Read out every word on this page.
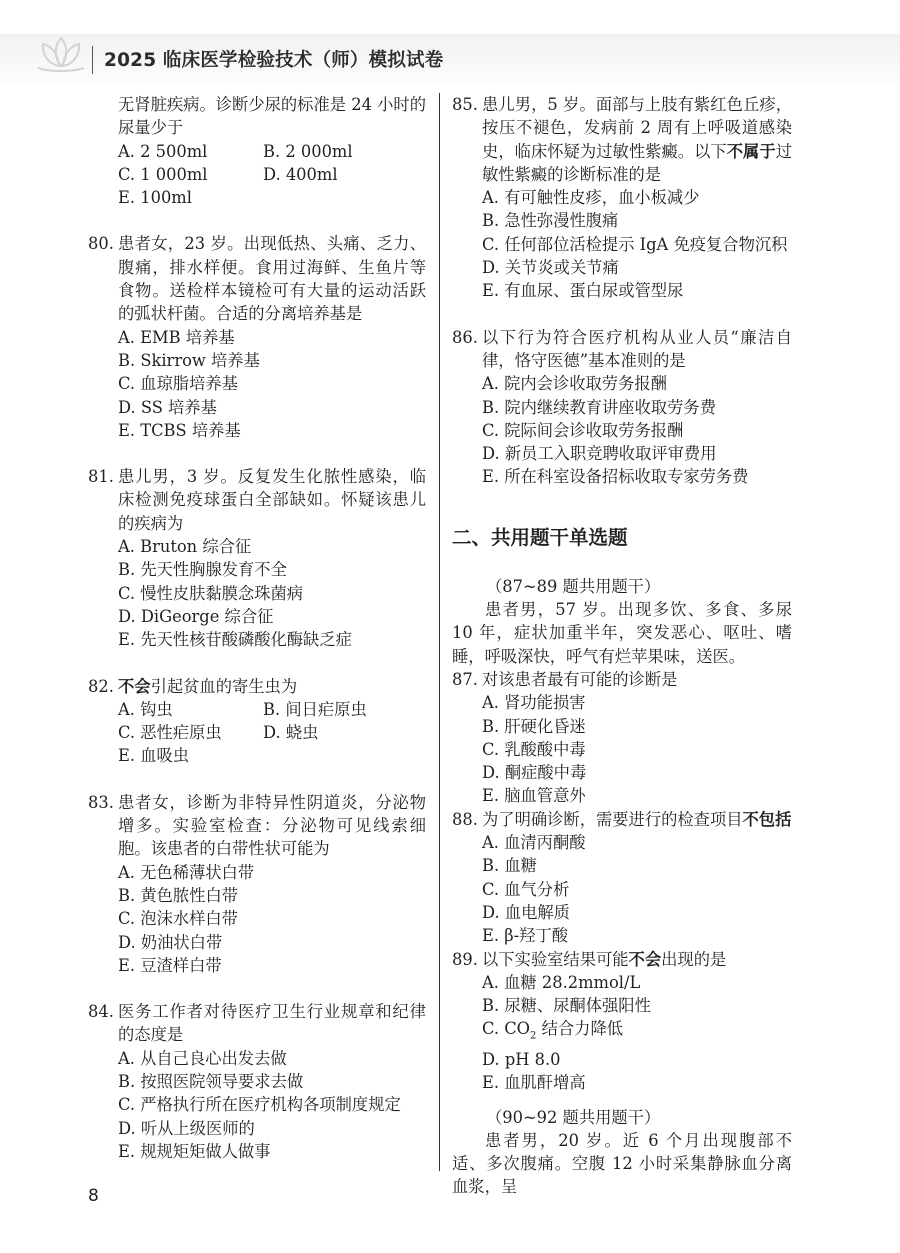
2025 临床医学检验技术（师）模拟试卷
无肾脏疾病。诊断少尿的标准是 24 小时的尿量少于
A. 2 500ml	B. 2 000ml
C. 1 000ml	D. 400ml
E. 100ml
80. 患者女，23 岁。出现低热、头痛、乏力、腹痛，排水样便。食用过海鲜、生鱼片等食物。送检样本镜检可有大量的运动活跃的弧状杆菌。合适的分离培养基是
A. EMB 培养基
B. Skirrow 培养基
C. 血琼脂培养基
D. SS 培养基
E. TCBS 培养基
81. 患儿男，3 岁。反复发生化脓性感染，临床检测免疫球蛋白全部缺如。怀疑该患儿的疾病为
A. Bruton 综合征
B. 先天性胸腺发育不全
C. 慢性皮肤黏膜念珠菌病
D. DiGeorge 综合征
E. 先天性核苷酸磷酸化酶缺乏症
82. 不会引起贫血的寄生虫为
A. 钩虫	B. 间日疟原虫
C. 恶性疟原虫	D. 蛲虫
E. 血吸虫
83. 患者女，诊断为非特异性阴道炎，分泌物增多。实验室检查：分泌物可见线索细胞。该患者的白带性状可能为
A. 无色稀薄状白带
B. 黄色脓性白带
C. 泡沫水样白带
D. 奶油状白带
E. 豆渣样白带
84. 医务工作者对待医疗卫生行业规章和纪律的态度是
A. 从自己良心出发去做
B. 按照医院领导要求去做
C. 严格执行所在医疗机构各项制度规定
D. 听从上级医师的
E. 规规矩矩做人做事
85. 患儿男，5 岁。面部与上肢有紫红色丘疹，按压不褪色，发病前 2 周有上呼吸道感染史，临床怀疑为过敏性紫癜。以下不属于过敏性紫癜的诊断标准的是
A. 有可触性皮疹，血小板减少
B. 急性弥漫性腹痛
C. 任何部位活检提示 IgA 免疫复合物沉积
D. 关节炎或关节痛
E. 有血尿、蛋白尿或管型尿
86. 以下行为符合医疗机构从业人员“廉洁自律，恪守医德”基本准则的是
A. 院内会诊收取劳务报酬
B. 院内继续教育讲座收取劳务费
C. 院际间会诊收取劳务报酬
D. 新员工入职竞聘收取评审费用
E. 所在科室设备招标收取专家劳务费
二、共用题干单选题
（87~89 题共用题干）
患者男，57 岁。出现多饮、多食、多尿 10 年，症状加重半年，突发恶心、呕吐、嗜睡，呼吸深快，呼气有烂苹果味，送医。
87. 对该患者最有可能的诊断是
A. 肾功能损害
B. 肝硬化昏迷
C. 乳酸酸中毒
D. 酮症酸中毒
E. 脑血管意外
88. 为了明确诊断，需要进行的检查项目不包括
A. 血清丙酮酸
B. 血糖
C. 血气分析
D. 血电解质
E. β-羟丁酸
89. 以下实验室结果可能不会出现的是
A. 血糖 28.2mmol/L
B. 尿糖、尿酮体强阳性
C. $CO_2$ 结合力降低
D. pH 8.0
E. 血肌酐增高
（90~92 题共用题干）
患者男，20 岁。近 6 个月出现腹部不适、多次腹痛。空腹 12 小时采集静脉血分离血浆，呈
8
